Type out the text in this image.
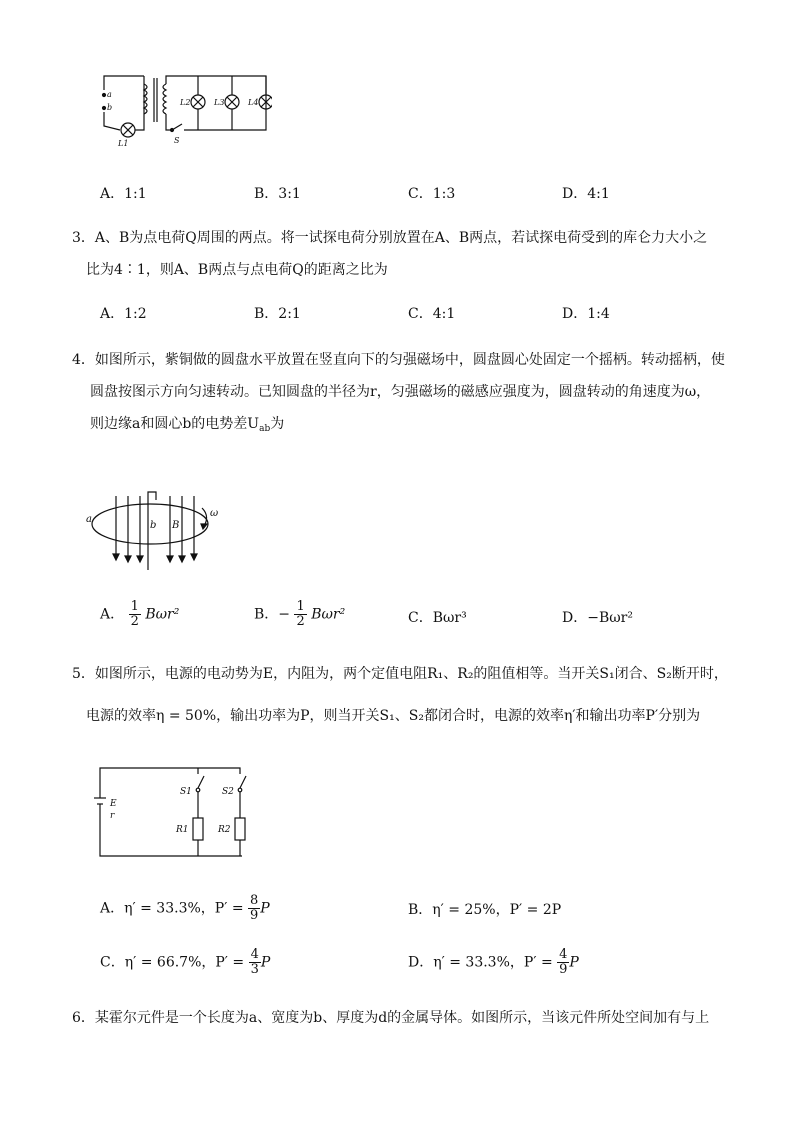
a
b
L2	L3	L4
L1	S
A．1:1	B．3:1	C．1:3	D．4:1
3．A、B为点电荷Q周围的两点。将一试探电荷分别放置在A、B两点，若试探电荷受到的库仑力大小之
比为4∶1，则A、B两点与点电荷Q的距离之比为
A．1:2	B．2:1	C．4:1	D．1:4
4．如图所示，紫铜做的圆盘水平放置在竖直向下的匀强磁场中，圆盘圆心处固定一个摇柄。转动摇柄，使
圆盘按图示方向匀速转动。已知圆盘的半径为r，匀强磁场的磁感应强度为，圆盘转动的角速度为ω，
则边缘a和圆心b的电势差$U_{ab}$为
a
b B
ω
A． $\frac{1}{2} B\omega r^2$	B．− $\frac{1}{2} B\omega r^2$	C．Bωr³	D．−Bωr²
5．如图所示，电源的电动势为E，内阻为，两个定值电阻R₁、R₂的阻值相等。当开关S₁闭合、S₂断开时，
电源的效率η = 50%，输出功率为P，则当开关S₁、S₂都闭合时，电源的效率η′和输出功率P′分别为
E
r
S1	S2
R1	R2
A．η′ = 33.3%，$P' = \frac{8}{9}$ P	B．η′ = 25%，P′ = 2P
C．η′ = 66.7%，$P' = \frac{4}{3}$ P	D．η′ = 33.3%，$P' = \frac{4}{9}$ P
6．某霍尔元件是一个长度为a、宽度为b、厚度为d的金属导体。如图所示，当该元件所处空间加有与上
